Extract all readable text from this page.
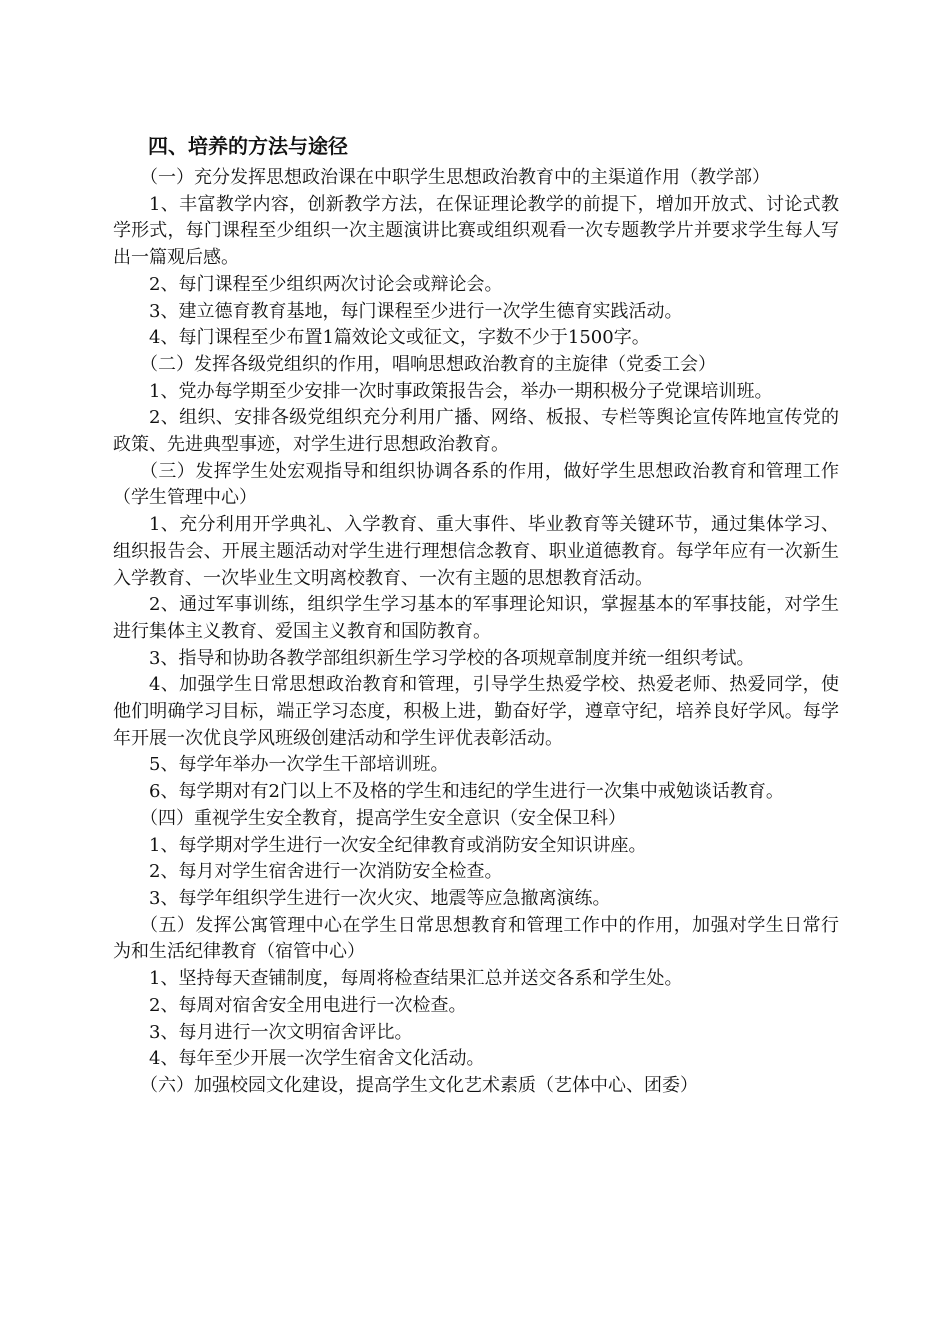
四、培养的方法与途径

（一）充分发挥思想政治课在中职学生思想政治教育中的主渠道作用（教学部）

1、丰富教学内容，创新教学方法，在保证理论教学的前提下，增加开放式、讨论式教学形式，每门课程至少组织一次主题演讲比赛或组织观看一次专题教学片并要求学生每人写出一篇观后感。

2、每门课程至少组织两次讨论会或辩论会。

3、建立德育教育基地，每门课程至少进行一次学生德育实践活动。

4、每门课程至少布置1篇效论文或征文，字数不少于1500字。

（二）发挥各级党组织的作用，唱响思想政治教育的主旋律（党委工会）

1、党办每学期至少安排一次时事政策报告会，举办一期积极分子党课培训班。

2、组织、安排各级党组织充分利用广播、网络、板报、专栏等舆论宣传阵地宣传党的政策、先进典型事迹，对学生进行思想政治教育。

（三）发挥学生处宏观指导和组织协调各系的作用，做好学生思想政治教育和管理工作（学生管理中心）

1、充分利用开学典礼、入学教育、重大事件、毕业教育等关键环节，通过集体学习、组织报告会、开展主题活动对学生进行理想信念教育、职业道德教育。每学年应有一次新生入学教育、一次毕业生文明离校教育、一次有主题的思想教育活动。

2、通过军事训练，组织学生学习基本的军事理论知识，掌握基本的军事技能，对学生进行集体主义教育、爱国主义教育和国防教育。

3、指导和协助各教学部组织新生学习学校的各项规章制度并统一组织考试。

4、加强学生日常思想政治教育和管理，引导学生热爱学校、热爱老师、热爱同学，使他们明确学习目标，端正学习态度，积极上进，勤奋好学，遵章守纪，培养良好学风。每学年开展一次优良学风班级创建活动和学生评优表彰活动。

5、每学年举办一次学生干部培训班。

6、每学期对有2门以上不及格的学生和违纪的学生进行一次集中戒勉谈话教育。

（四）重视学生安全教育，提高学生安全意识（安全保卫科）

1、每学期对学生进行一次安全纪律教育或消防安全知识讲座。

2、每月对学生宿舍进行一次消防安全检查。

3、每学年组织学生进行一次火灾、地震等应急撤离演练。

（五）发挥公寓管理中心在学生日常思想教育和管理工作中的作用，加强对学生日常行为和生活纪律教育（宿管中心）

1、坚持每天查铺制度，每周将检查结果汇总并送交各系和学生处。

2、每周对宿舍安全用电进行一次检查。

3、每月进行一次文明宿舍评比。

4、每年至少开展一次学生宿舍文化活动。

（六）加强校园文化建设，提高学生文化艺术素质（艺体中心、团委）
